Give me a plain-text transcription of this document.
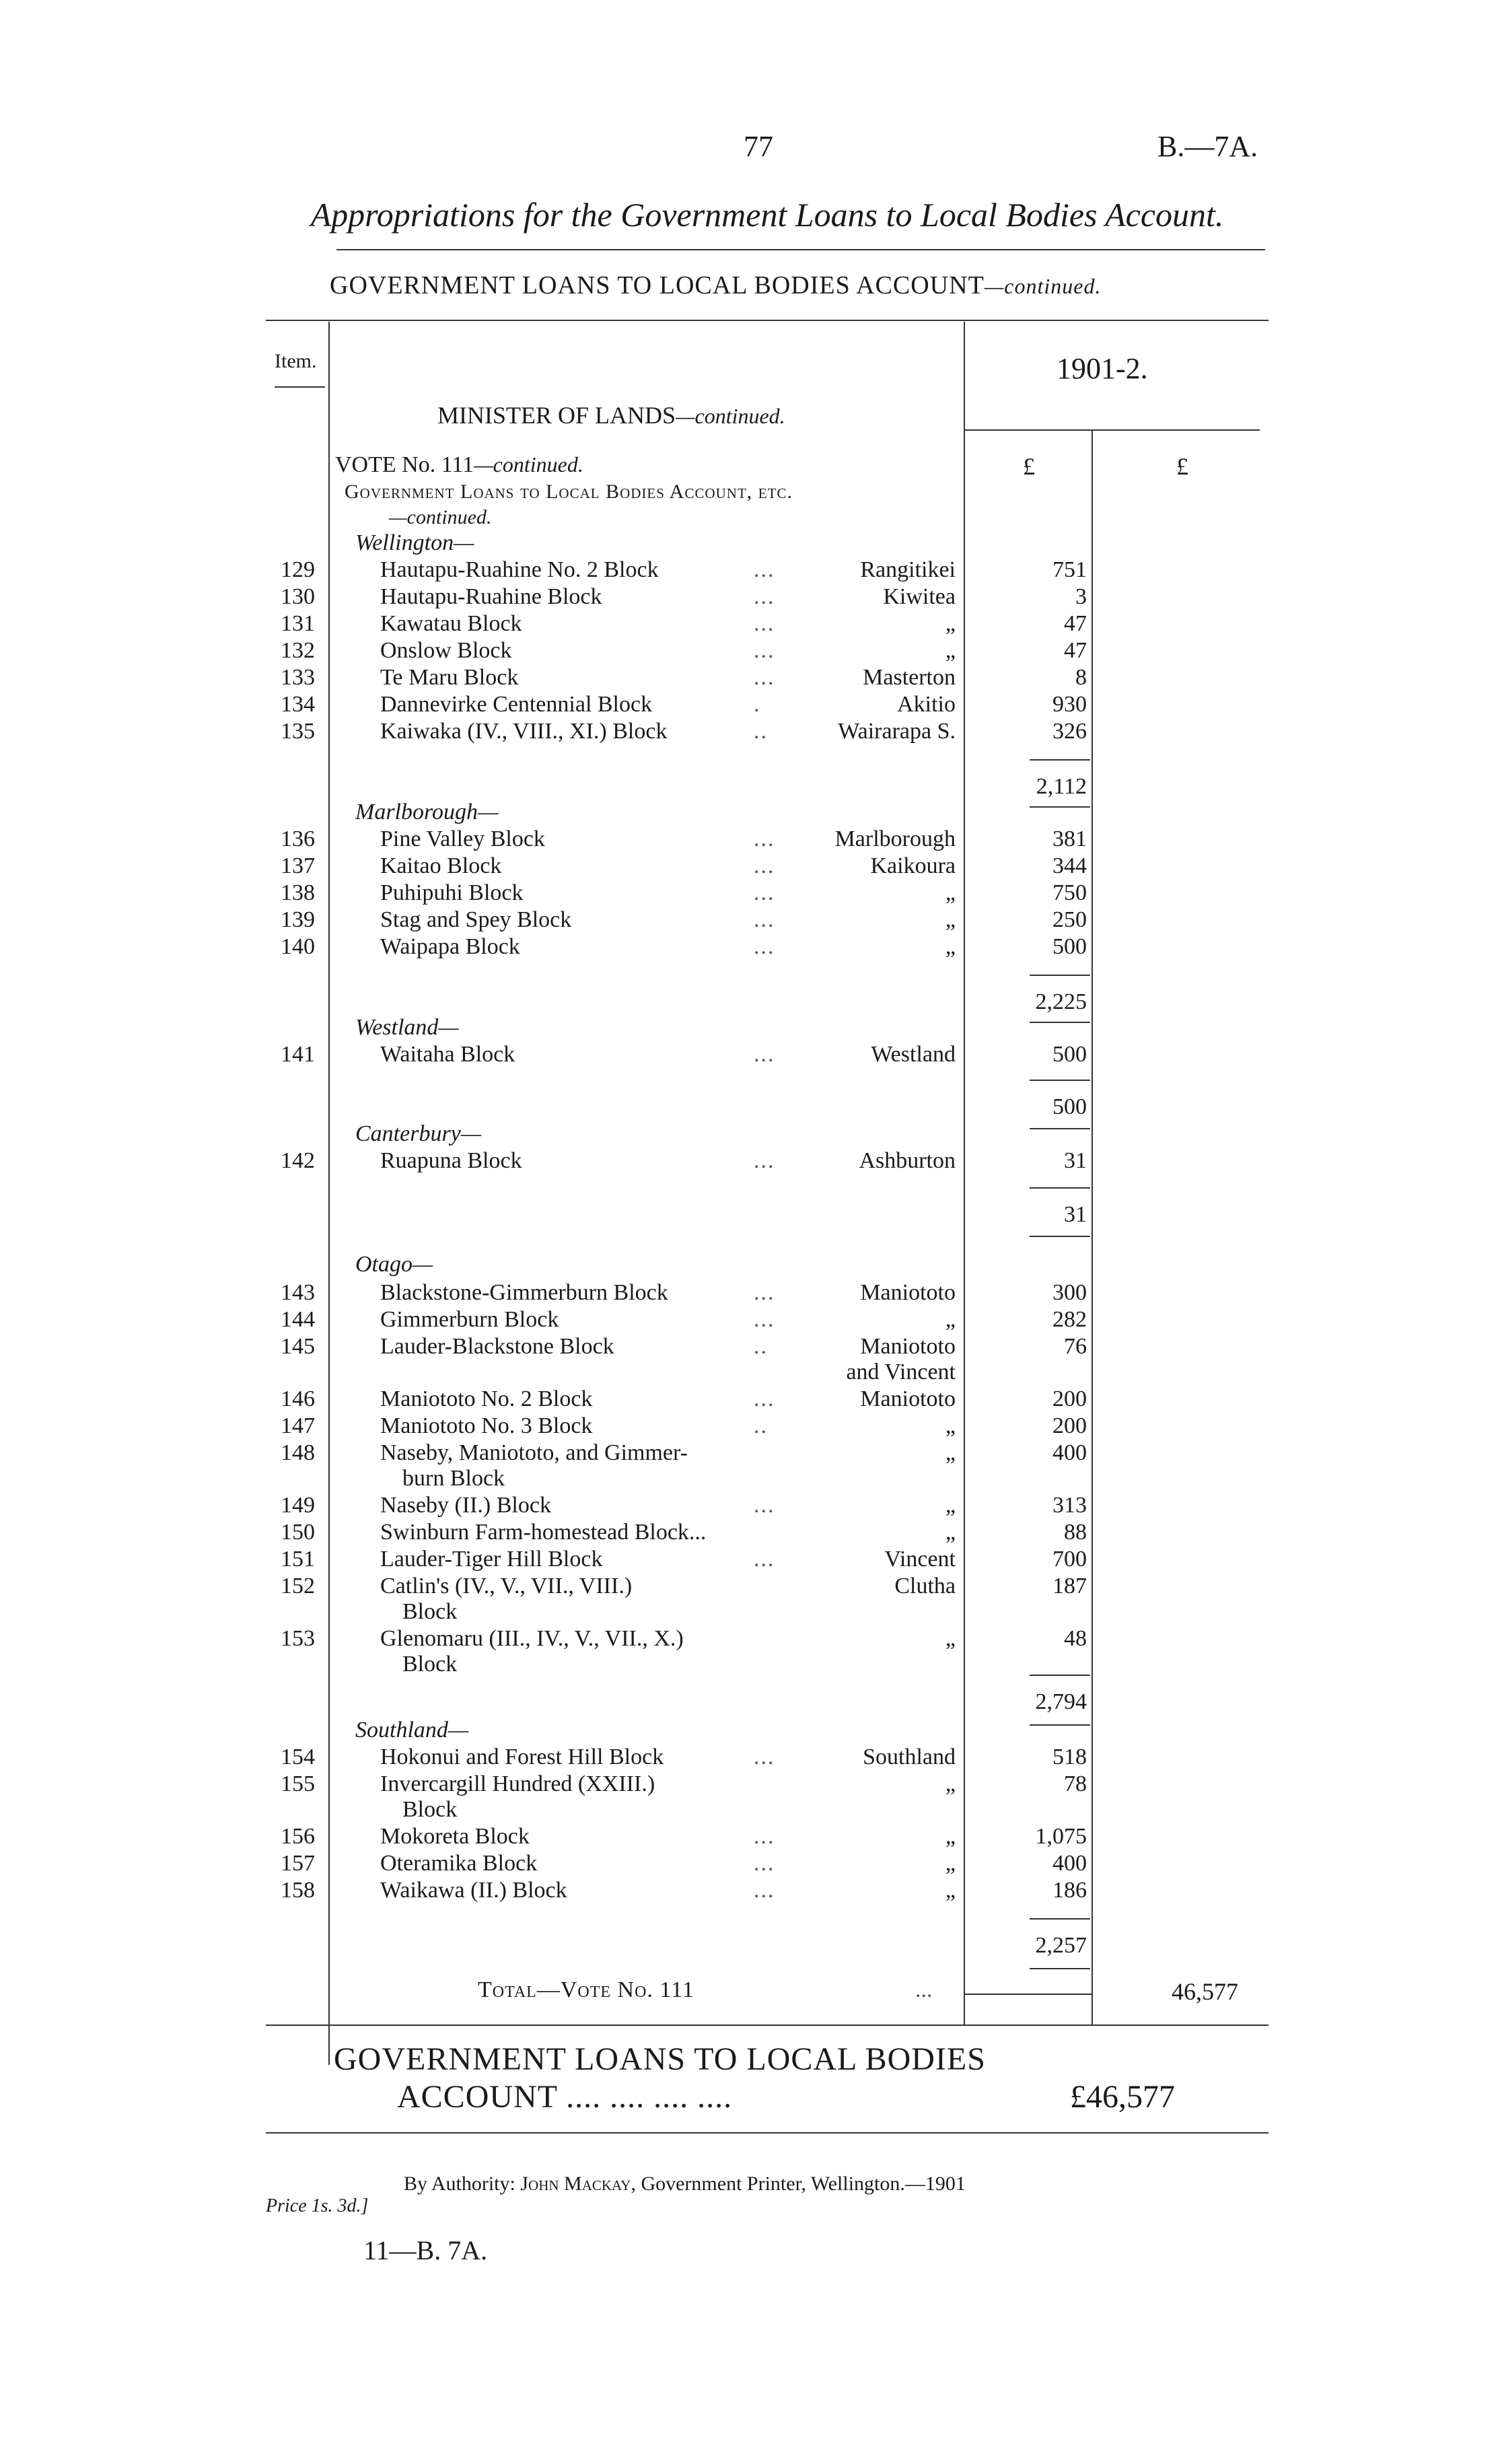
77	B.—7A.
Appropriations for the Government Loans to Local Bodies Account.
GOVERNMENT LOANS TO LOCAL BODIES ACCOUNT—continued.
Item.	1901-2.
MINISTER OF LANDS—continued.
VOTE No. 111—continued.
Government Loans to Local Bodies Account, etc.
—continued.
£	£
Wellington—
129	Hautapu-Ruahine No. 2 Block	...	Rangitikei	751
130	Hautapu-Ruahine Block	...	Kiwitea	3
131	Kawatau Block	...	„	47
132	Onslow Block	...	„	47
133	Te Maru Block	...	Masterton	8
134	Dannevirke Centennial Block	.	Akitio	930
135	Kaiwaka (IV., VIII., XI.) Block	..	Wairarapa S.	326
2,112
Marlborough—
136	Pine Valley Block	...	Marlborough	381
137	Kaitao Block	...	Kaikoura	344
138	Puhipuhi Block	...	„	750
139	Stag and Spey Block	...	„	250
140	Waipapa Block	...	„	500
2,225
Westland—
141	Waitaha Block	...	Westland	500
500
Canterbury—
142	Ruapuna Block	...	Ashburton	31
31
Otago—
143	Blackstone-Gimmerburn Block	...	Maniototo	300
144	Gimmerburn Block	...	„	282
145	Lauder-Blackstone Block	..	Maniototo	76
and Vincent
146	Maniototo No. 2 Block	...	Maniototo	200
147	Maniototo No. 3 Block	..	„	200
148	Naseby, Maniototo, and Gimmer-	„	400
burn Block
149	Naseby (II.) Block	...	„	313
150	Swinburn Farm-homestead Block...	„	88
151	Lauder-Tiger Hill Block	...	Vincent	700
152	Catlin's (IV., V., VII., VIII.)	Clutha	187
Block
153	Glenomaru (III., IV., V., VII., X.)	„	48
Block
2,794
Southland—
154	Hokonui and Forest Hill Block	...	Southland	518
155	Invercargill Hundred (XXIII.)	„	78
Block
156	Mokoreta Block	...	„	1,075
157	Oteramika Block	...	„	400
158	Waikawa (II.) Block	...	„	186
2,257
Total—Vote No. 111	...	46,577
GOVERNMENT LOANS TO LOCAL BODIES
ACCOUNT .... .... .... ....	£46,577
By Authority: John Mackay, Government Printer, Wellington.—1901
Price 1s. 3d.]
11—B. 7A.
